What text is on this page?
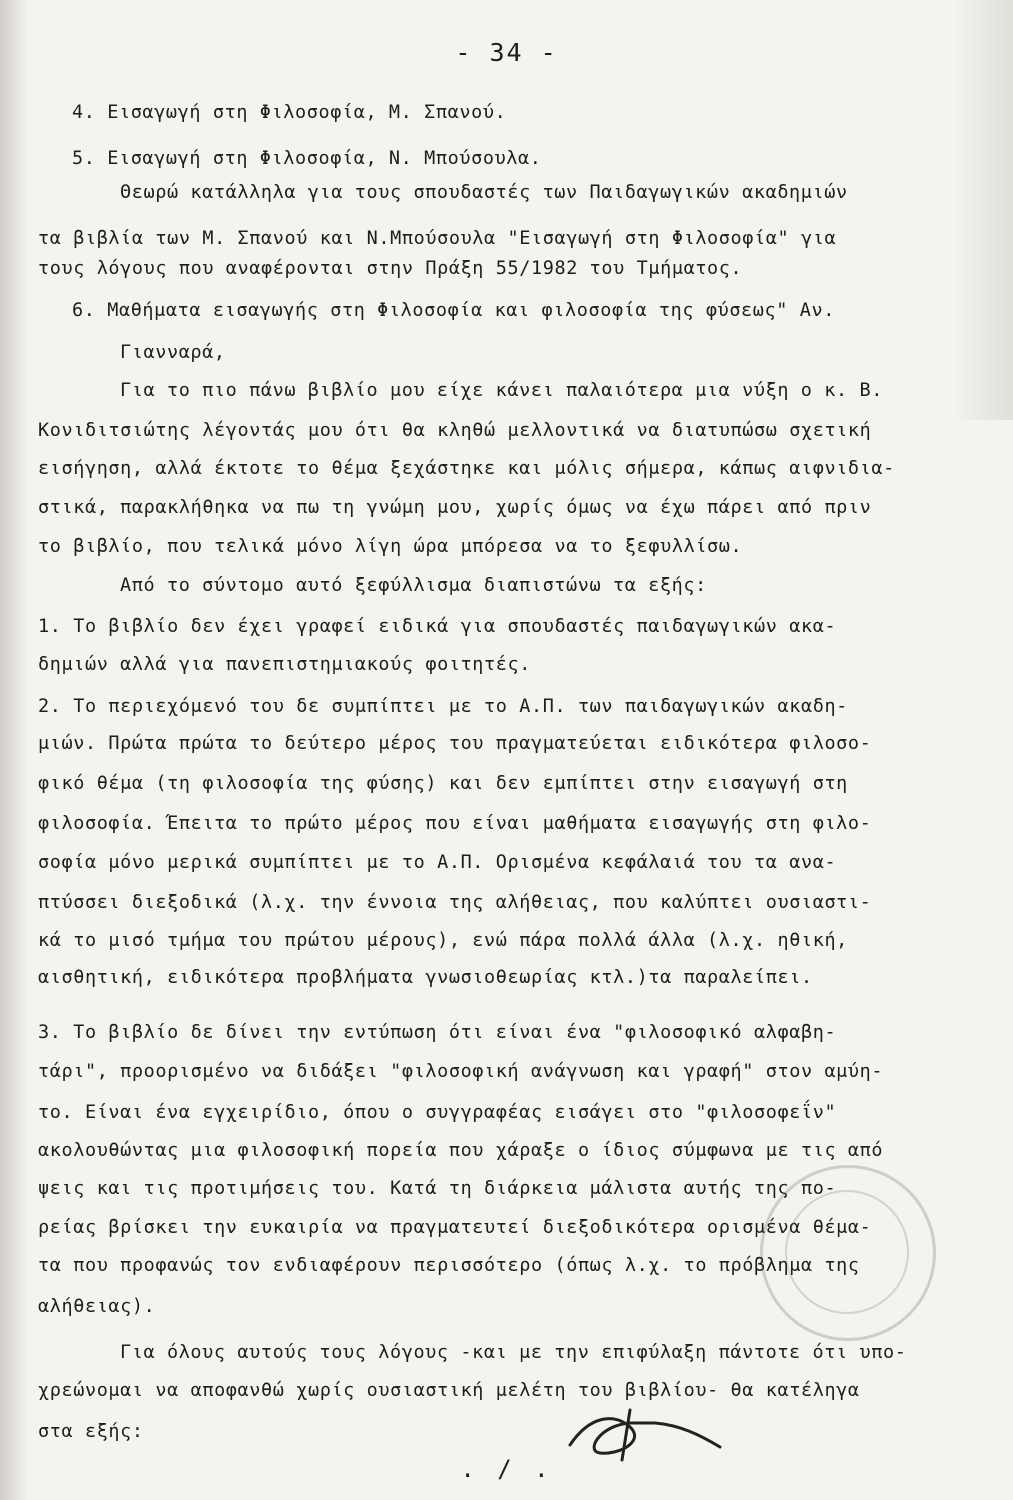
- 34 -
4. Εισαγωγή στη Φιλοσοφία, Μ. Σπανού.
5. Εισαγωγή στη Φιλοσοφία, Ν. Μπούσουλα.
Θεωρώ κατάλληλα για τους σπουδαστές των Παιδαγωγικών ακαδημιών
τα βιβλία των Μ. Σπανού και Ν.Μπούσουλα "Εισαγωγή στη Φιλοσοφία" για
τους λόγους που αναφέρονται στην Πράξη 55/1982 του Τμήματος.
6. Μαθήματα εισαγωγής στη Φιλοσοφία και φιλοσοφία της φύσεως" Αν.
Γιανναρά,
Για το πιο πάνω βιβλίο μου είχε κάνει παλαιότερα μια νύξη ο κ. Β.
Κονιδιτσιώτης λέγοντάς μου ότι θα κληθώ μελλοντικά να διατυπώσω σχετική
εισήγηση, αλλά έκτοτε το θέμα ξεχάστηκε και μόλις σήμερα, κάπως αιφνιδια-
στικά, παρακλήθηκα να πω τη γνώμη μου, χωρίς όμως να έχω πάρει από πριν
το βιβλίο, που τελικά μόνο λίγη ώρα μπόρεσα να το ξεφυλλίσω.
Από το σύντομο αυτό ξεφύλλισμα διαπιστώνω τα εξής:
1. Το βιβλίο δεν έχει γραφεί ειδικά για σπουδαστές παιδαγωγικών ακα-
δημιών αλλά για πανεπιστημιακούς φοιτητές.
2. Το περιεχόμενό του δε συμπίπτει με το Α.Π. των παιδαγωγικών ακαδη-
μιών. Πρώτα πρώτα το δεύτερο μέρος του πραγματεύεται ειδικότερα φιλοσο-
φικό θέμα (τη φιλοσοφία της φύσης) και δεν εμπίπτει στην εισαγωγή στη
φιλοσοφία. Έπειτα το πρώτο μέρος που είναι μαθήματα εισαγωγής στη φιλο-
σοφία μόνο μερικά συμπίπτει με το Α.Π. Ορισμένα κεφάλαιά του τα ανα-
πτύσσει διεξοδικά (λ.χ. την έννοια της αλήθειας, που καλύπτει ουσιαστι-
κά το μισό τμήμα του πρώτου μέρους), ενώ πάρα πολλά άλλα (λ.χ. ηθική,
αισθητική, ειδικότερα προβλήματα γνωσιοθεωρίας κτλ.)τα παραλείπει.
3. Το βιβλίο δε δίνει την εντύπωση ότι είναι ένα "φιλοσοφικό αλφαβη-
τάρι", προορισμένο να διδάξει "φιλοσοφική ανάγνωση και γραφή" στον αμύη-
το. Είναι ένα εγχειρίδιο, όπου ο συγγραφέας εισάγει στο "φιλοσοφεΐν"
ακολουθώντας μια φιλοσοφική πορεία που χάραξε ο ίδιος σύμφωνα με τις από
ψεις και τις προτιμήσεις του. Κατά τη διάρκεια μάλιστα αυτής της πο-
ρείας βρίσκει την ευκαιρία να πραγματευτεί διεξοδικότερα ορισμένα θέμα-
τα που προφανώς τον ενδιαφέρουν περισσότερο (όπως λ.χ. το πρόβλημα της
αλήθειας).
Για όλους αυτούς τους λόγους -και με την επιφύλαξη πάντοτε ότι υπο-
χρεώνομαι να αποφανθώ χωρίς ουσιαστική μελέτη του βιβλίου- θα κατέληγα
στα εξής:
. / .
